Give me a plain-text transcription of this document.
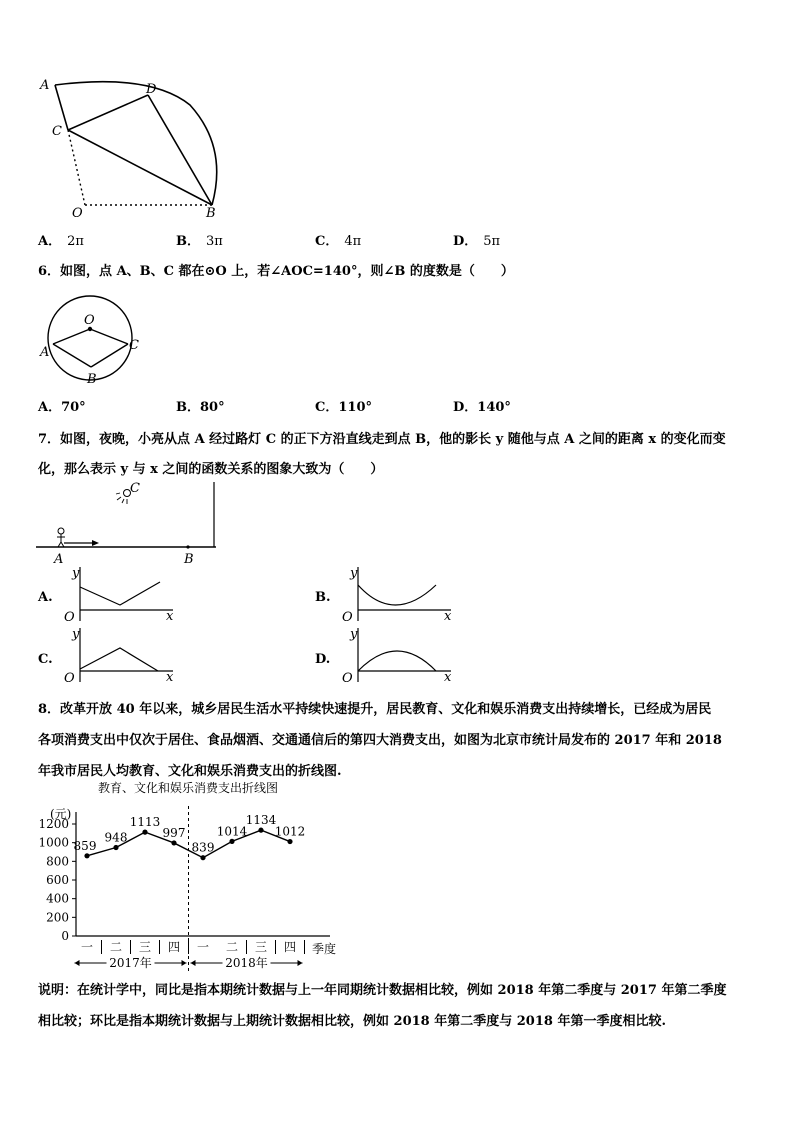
A	D
C
O	B
A． 2π	B． 3π	C． 4π	D． 5π
6．如图，点 A、B、C 都在⊙O 上，若∠AOC=140°，则∠B 的度数是（　　）
O
A
B
C
A．70°	B．80°	C．110°	D．140°
7．如图，夜晚，小亮从点 A 经过路灯 C 的正下方沿直线走到点 B，他的影长 y 随他与点 A 之间的距离 x 的变化而变
化，那么表示 y 与 x 之间的函数关系的图象大致为（　　）
C
A	B
A.
y
x
O
B.
y
x
O
C.
y
x
O
D.
y
x
O
8．改革开放 40 年以来，城乡居民生活水平持续快速提升，居民教育、文化和娱乐消费支出持续增长，已经成为居民
各项消费支出中仅次于居住、食品烟酒、交通通信后的第四大消费支出，如图为北京市统计局发布的 2017 年和 2018
年我市居民人均教育、文化和娱乐消费支出的折线图.
教育、文化和娱乐消费支出折线图
(元)
0
200
400
600
800
1000
1200
859
948
1113
997
839
1014
1134
1012
一 二 三 四 一 二 三 四 季度
2017年	2018年
说明：在统计学中，同比是指本期统计数据与上一年同期统计数据相比较，例如 2018 年第二季度与 2017 年第二季度
相比较；环比是指本期统计数据与上期统计数据相比较，例如 2018 年第二季度与 2018 年第一季度相比较.
